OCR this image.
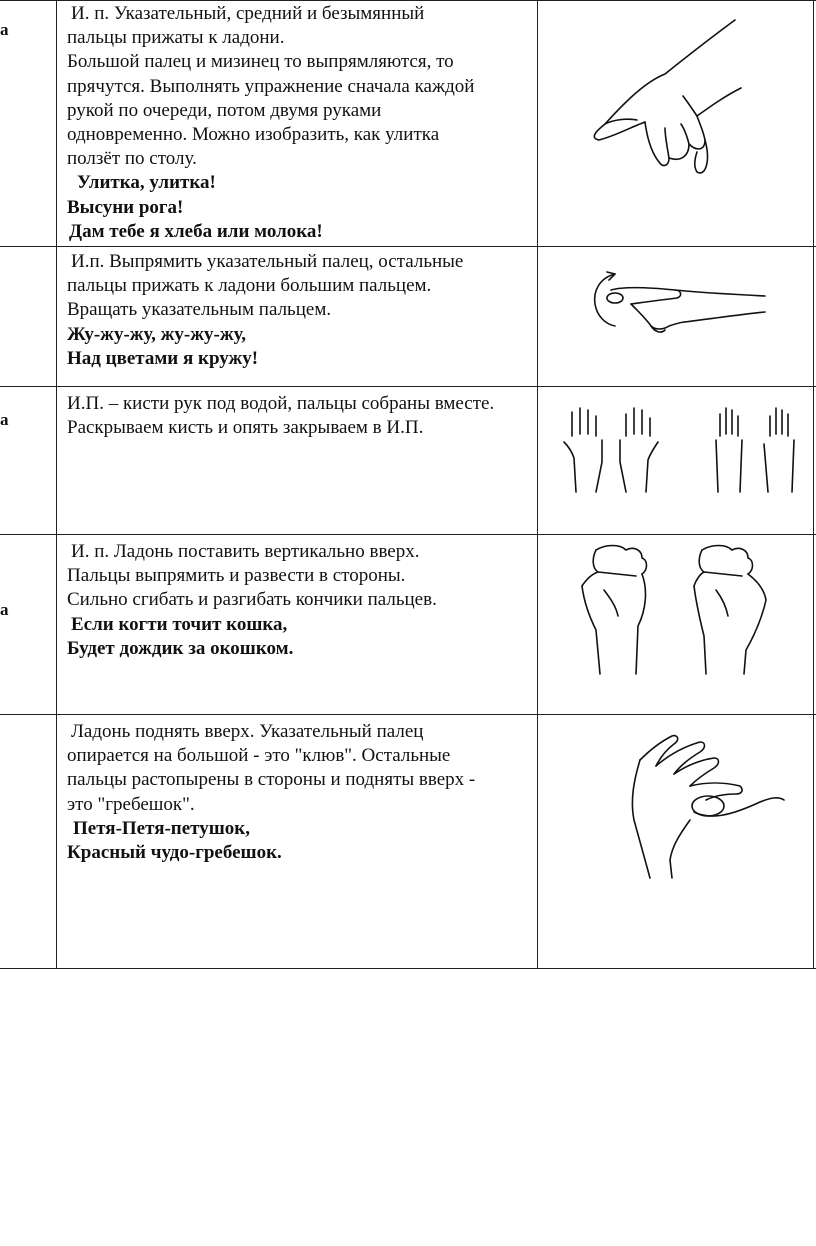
а

И. п. Указательный, средний и безымянный

пальцы прижаты к ладони.

Большой палец и мизинец то выпрямляются, то

прячутся. Выполнять упражнение сначала каждой

рукой по очереди, потом двумя руками

одновременно. Можно изобразить, как улитка

ползёт по столу.

Улитка, улитка!

Высуни рога!

Дам тебе я хлеба или молока!

И.п. Выпрямить указательный палец, остальные

пальцы прижать к ладони большим пальцем.

Вращать указательным пальцем.

Жу-жу-жу, жу-жу-жу,

Над цветами я кружу!

а

И.П. – кисти рук под водой, пальцы собраны вместе.

Раскрываем кисть и опять закрываем в И.П.

а

И. п. Ладонь поставить вертикально вверх.

Пальцы выпрямить и развести в стороны.

Сильно сгибать и разгибать кончики пальцев.

Если когти точит кошка,

Будет дождик за окошком.

Ладонь поднять вверх. Указательный палец

опирается на большой - это "клюв". Остальные

пальцы растопырены в стороны и подняты вверх -

это "гребешок".

Петя-Петя-петушок,

Красный чудо-гребешок.
